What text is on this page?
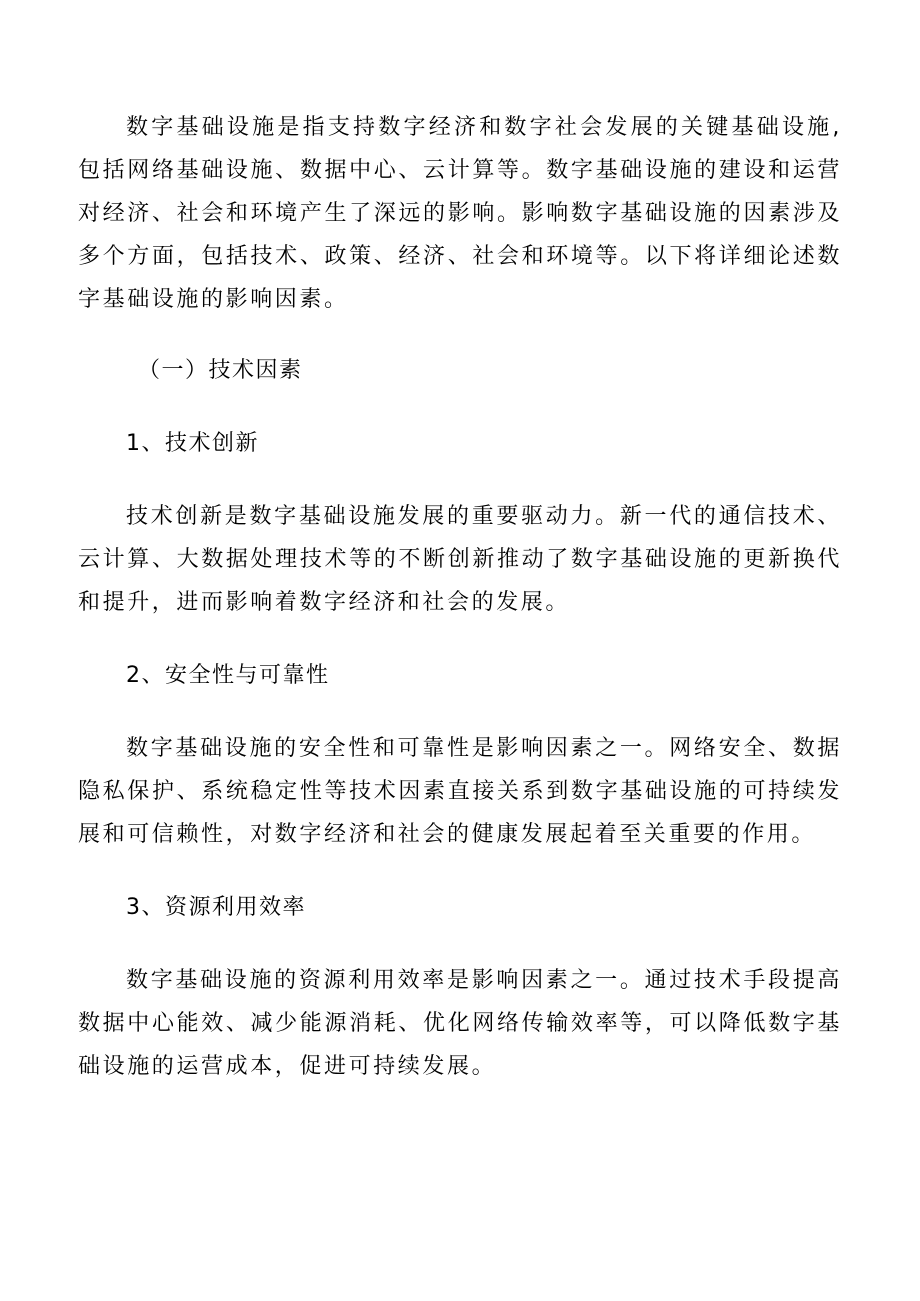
数字基础设施是指支持数字经济和数字社会发展的关键基础设施,包括网络基础设施、数据中心、云计算等。数字基础设施的建设和运营对经济、社会和环境产生了深远的影响。影响数字基础设施的因素涉及多个方面，包括技术、政策、经济、社会和环境等。以下将详细论述数字基础设施的影响因素。

（一）技术因素

1、技术创新

技术创新是数字基础设施发展的重要驱动力。新一代的通信技术、云计算、大数据处理技术等的不断创新推动了数字基础设施的更新换代和提升，进而影响着数字经济和社会的发展。

2、安全性与可靠性

数字基础设施的安全性和可靠性是影响因素之一。网络安全、数据隐私保护、系统稳定性等技术因素直接关系到数字基础设施的可持续发展和可信赖性，对数字经济和社会的健康发展起着至关重要的作用。

3、资源利用效率

数字基础设施的资源利用效率是影响因素之一。通过技术手段提高数据中心能效、减少能源消耗、优化网络传输效率等，可以降低数字基础设施的运营成本，促进可持续发展。
